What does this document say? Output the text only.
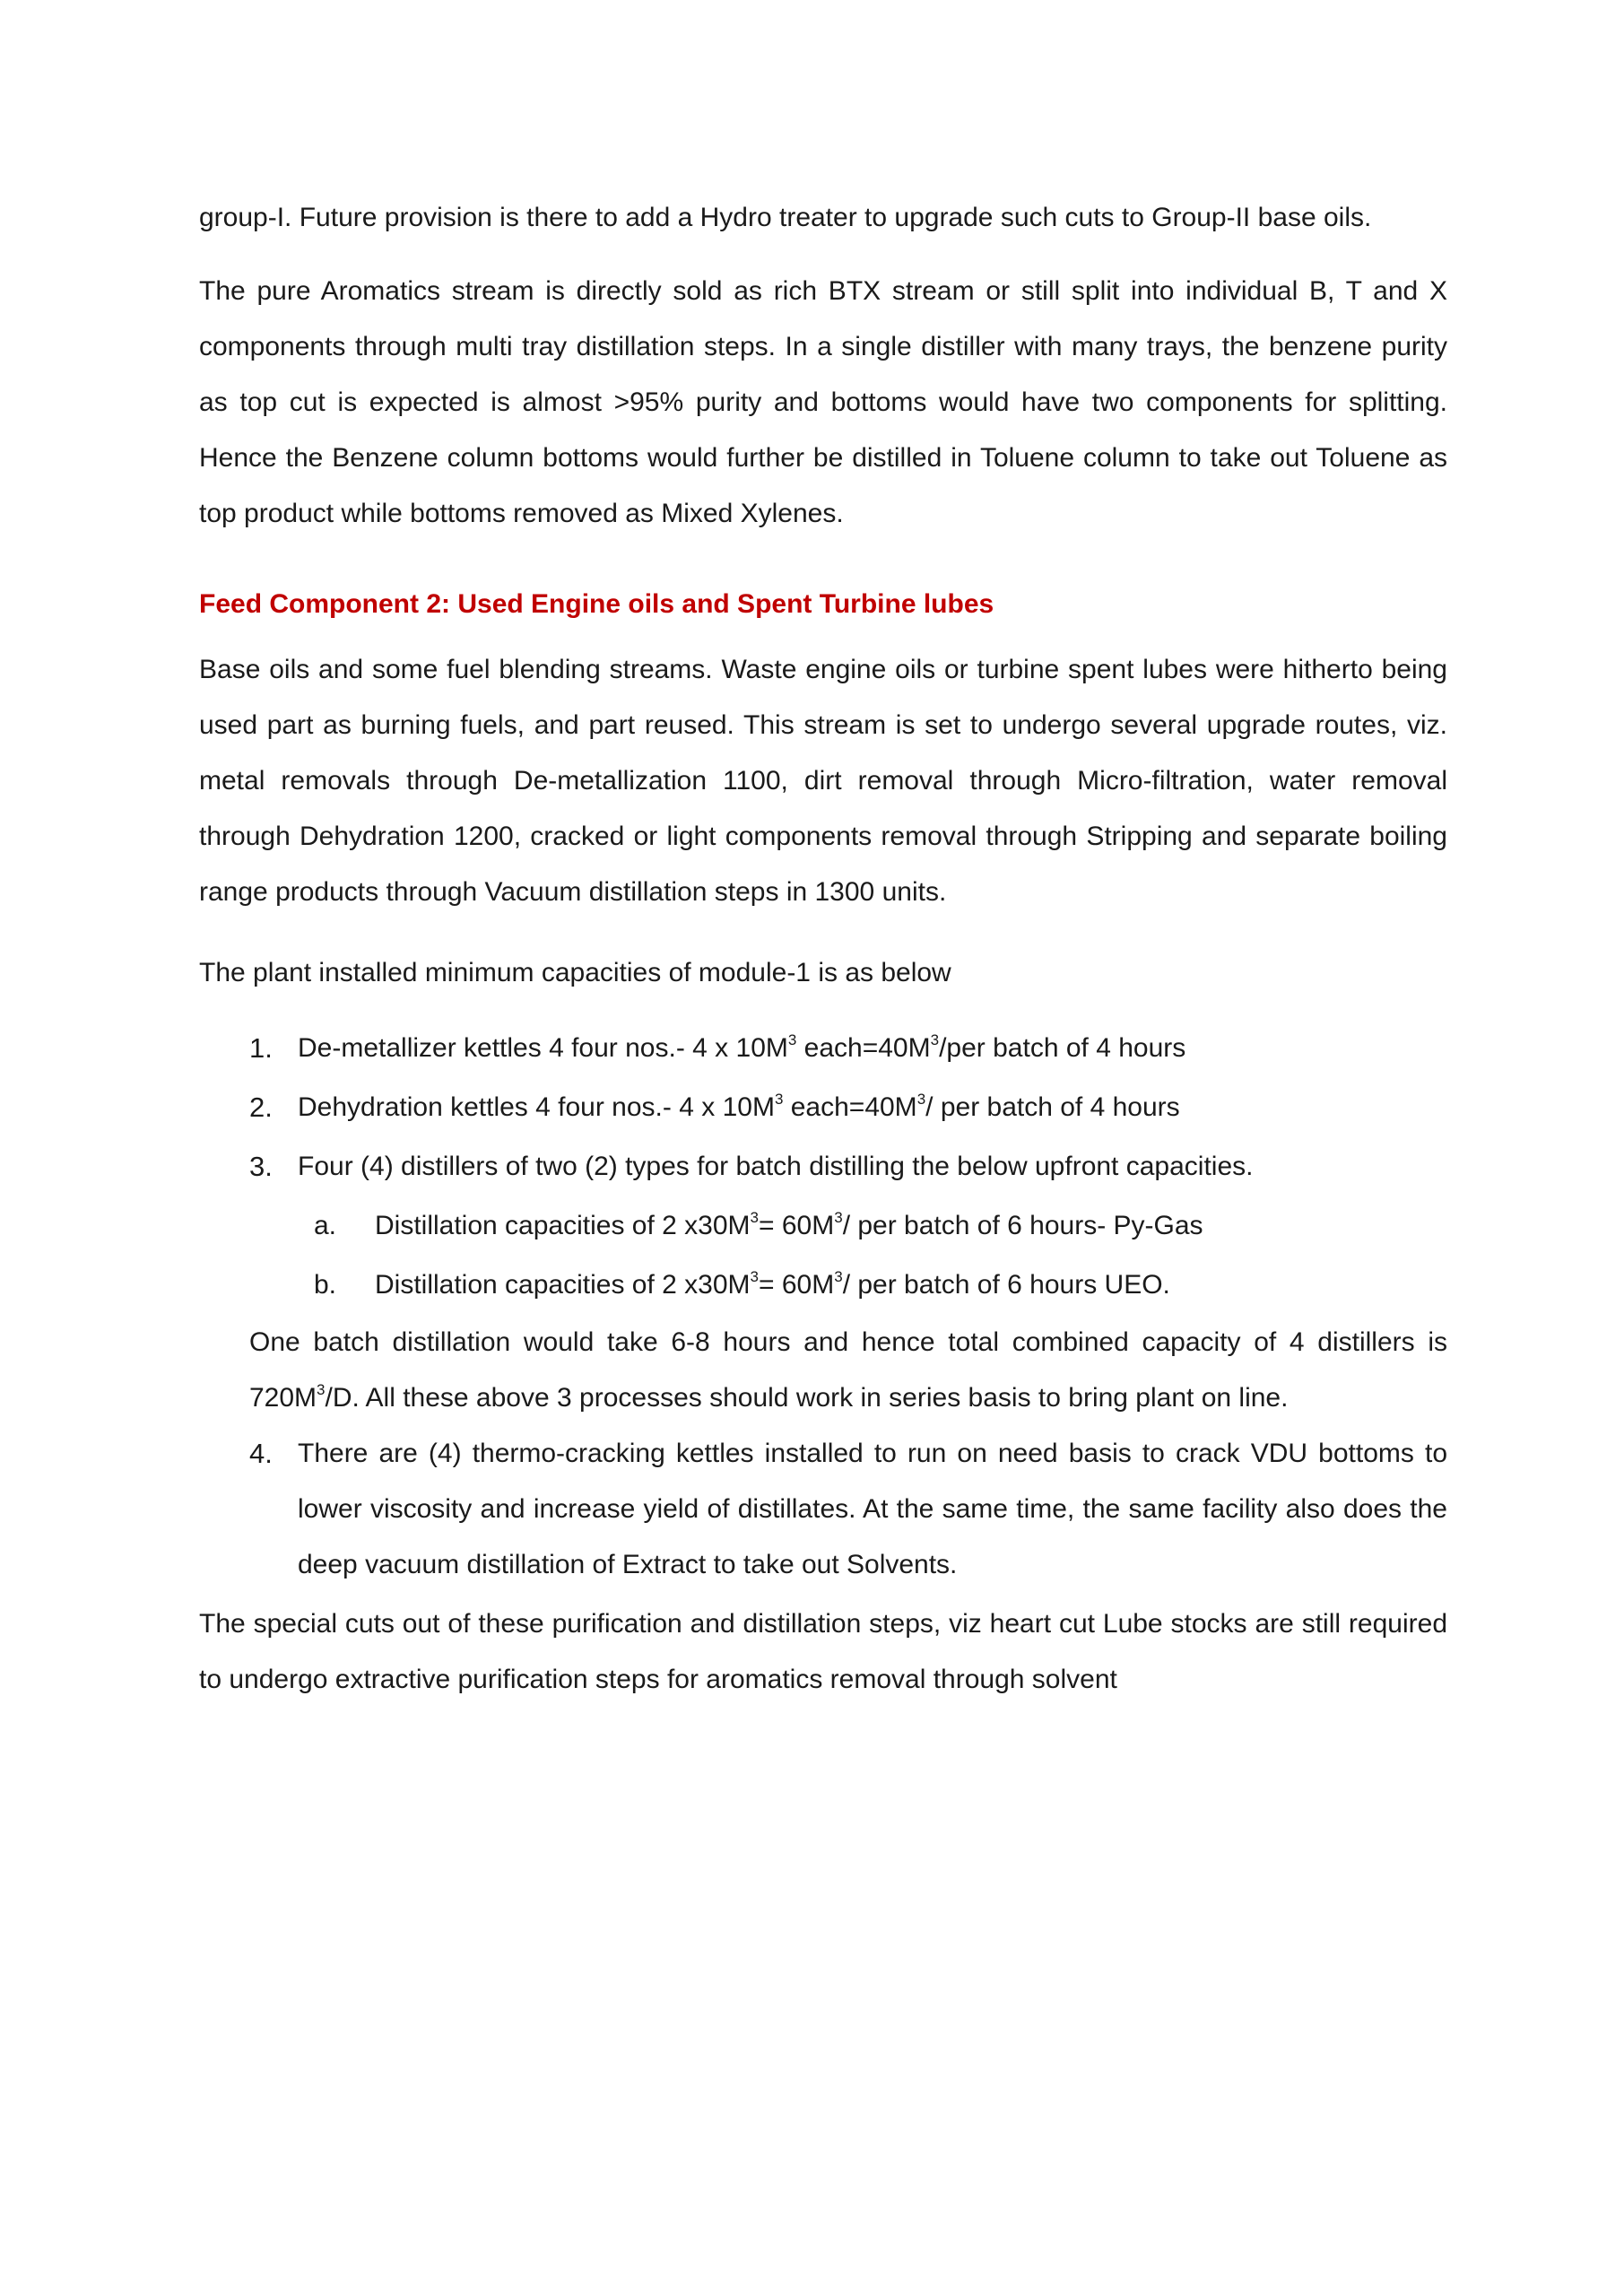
group-I. Future provision is there to add a Hydro treater to upgrade such cuts to Group-II base oils.

The pure Aromatics stream is directly sold as rich BTX stream or still split into individual B, T and X components through multi tray distillation steps. In a single distiller with many trays, the benzene purity as top cut is expected is almost >95% purity and bottoms would have two components for splitting. Hence the Benzene column bottoms would further be distilled in Toluene column to take out Toluene as top product while bottoms removed as Mixed Xylenes.

Feed Component 2: Used Engine oils and Spent Turbine lubes

Base oils and some fuel blending streams. Waste engine oils or turbine spent lubes were hitherto being used part as burning fuels, and part reused. This stream is set to undergo several upgrade routes, viz. metal removals through De-metallization 1100, dirt removal through Micro-filtration, water removal through Dehydration 1200, cracked or light components removal through Stripping and separate boiling range products through Vacuum distillation steps in 1300 units.

The plant installed minimum capacities of module-1 is as below

1. De-metallizer kettles 4 four nos.- 4 x $10M^3$ $each=40M^3$/per batch of 4 hours
2. Dehydration kettles 4 four nos.- 4 x $10M^3$ $each=40M^3/$ per batch of 4 hours
3. Four (4) distillers of two (2) types for batch distilling the below upfront capacities.
a. Distillation capacities of 2 $x30M^3= 60M^3/$ per batch of 6 hours- Py-Gas
b. Distillation capacities of 2 $x30M^3= 60M^3/$ per batch of 6 hours UEO.

One batch distillation would take 6-8 hours and hence total combined capacity of 4 distillers is $720M^3/D$. All these above 3 processes should work in series basis to bring plant on line.

4. There are (4) thermo-cracking kettles installed to run on need basis to crack VDU bottoms to lower viscosity and increase yield of distillates. At the same time, the same facility also does the deep vacuum distillation of Extract to take out Solvents.

The special cuts out of these purification and distillation steps, viz heart cut Lube stocks are still required to undergo extractive purification steps for aromatics removal through solvent
